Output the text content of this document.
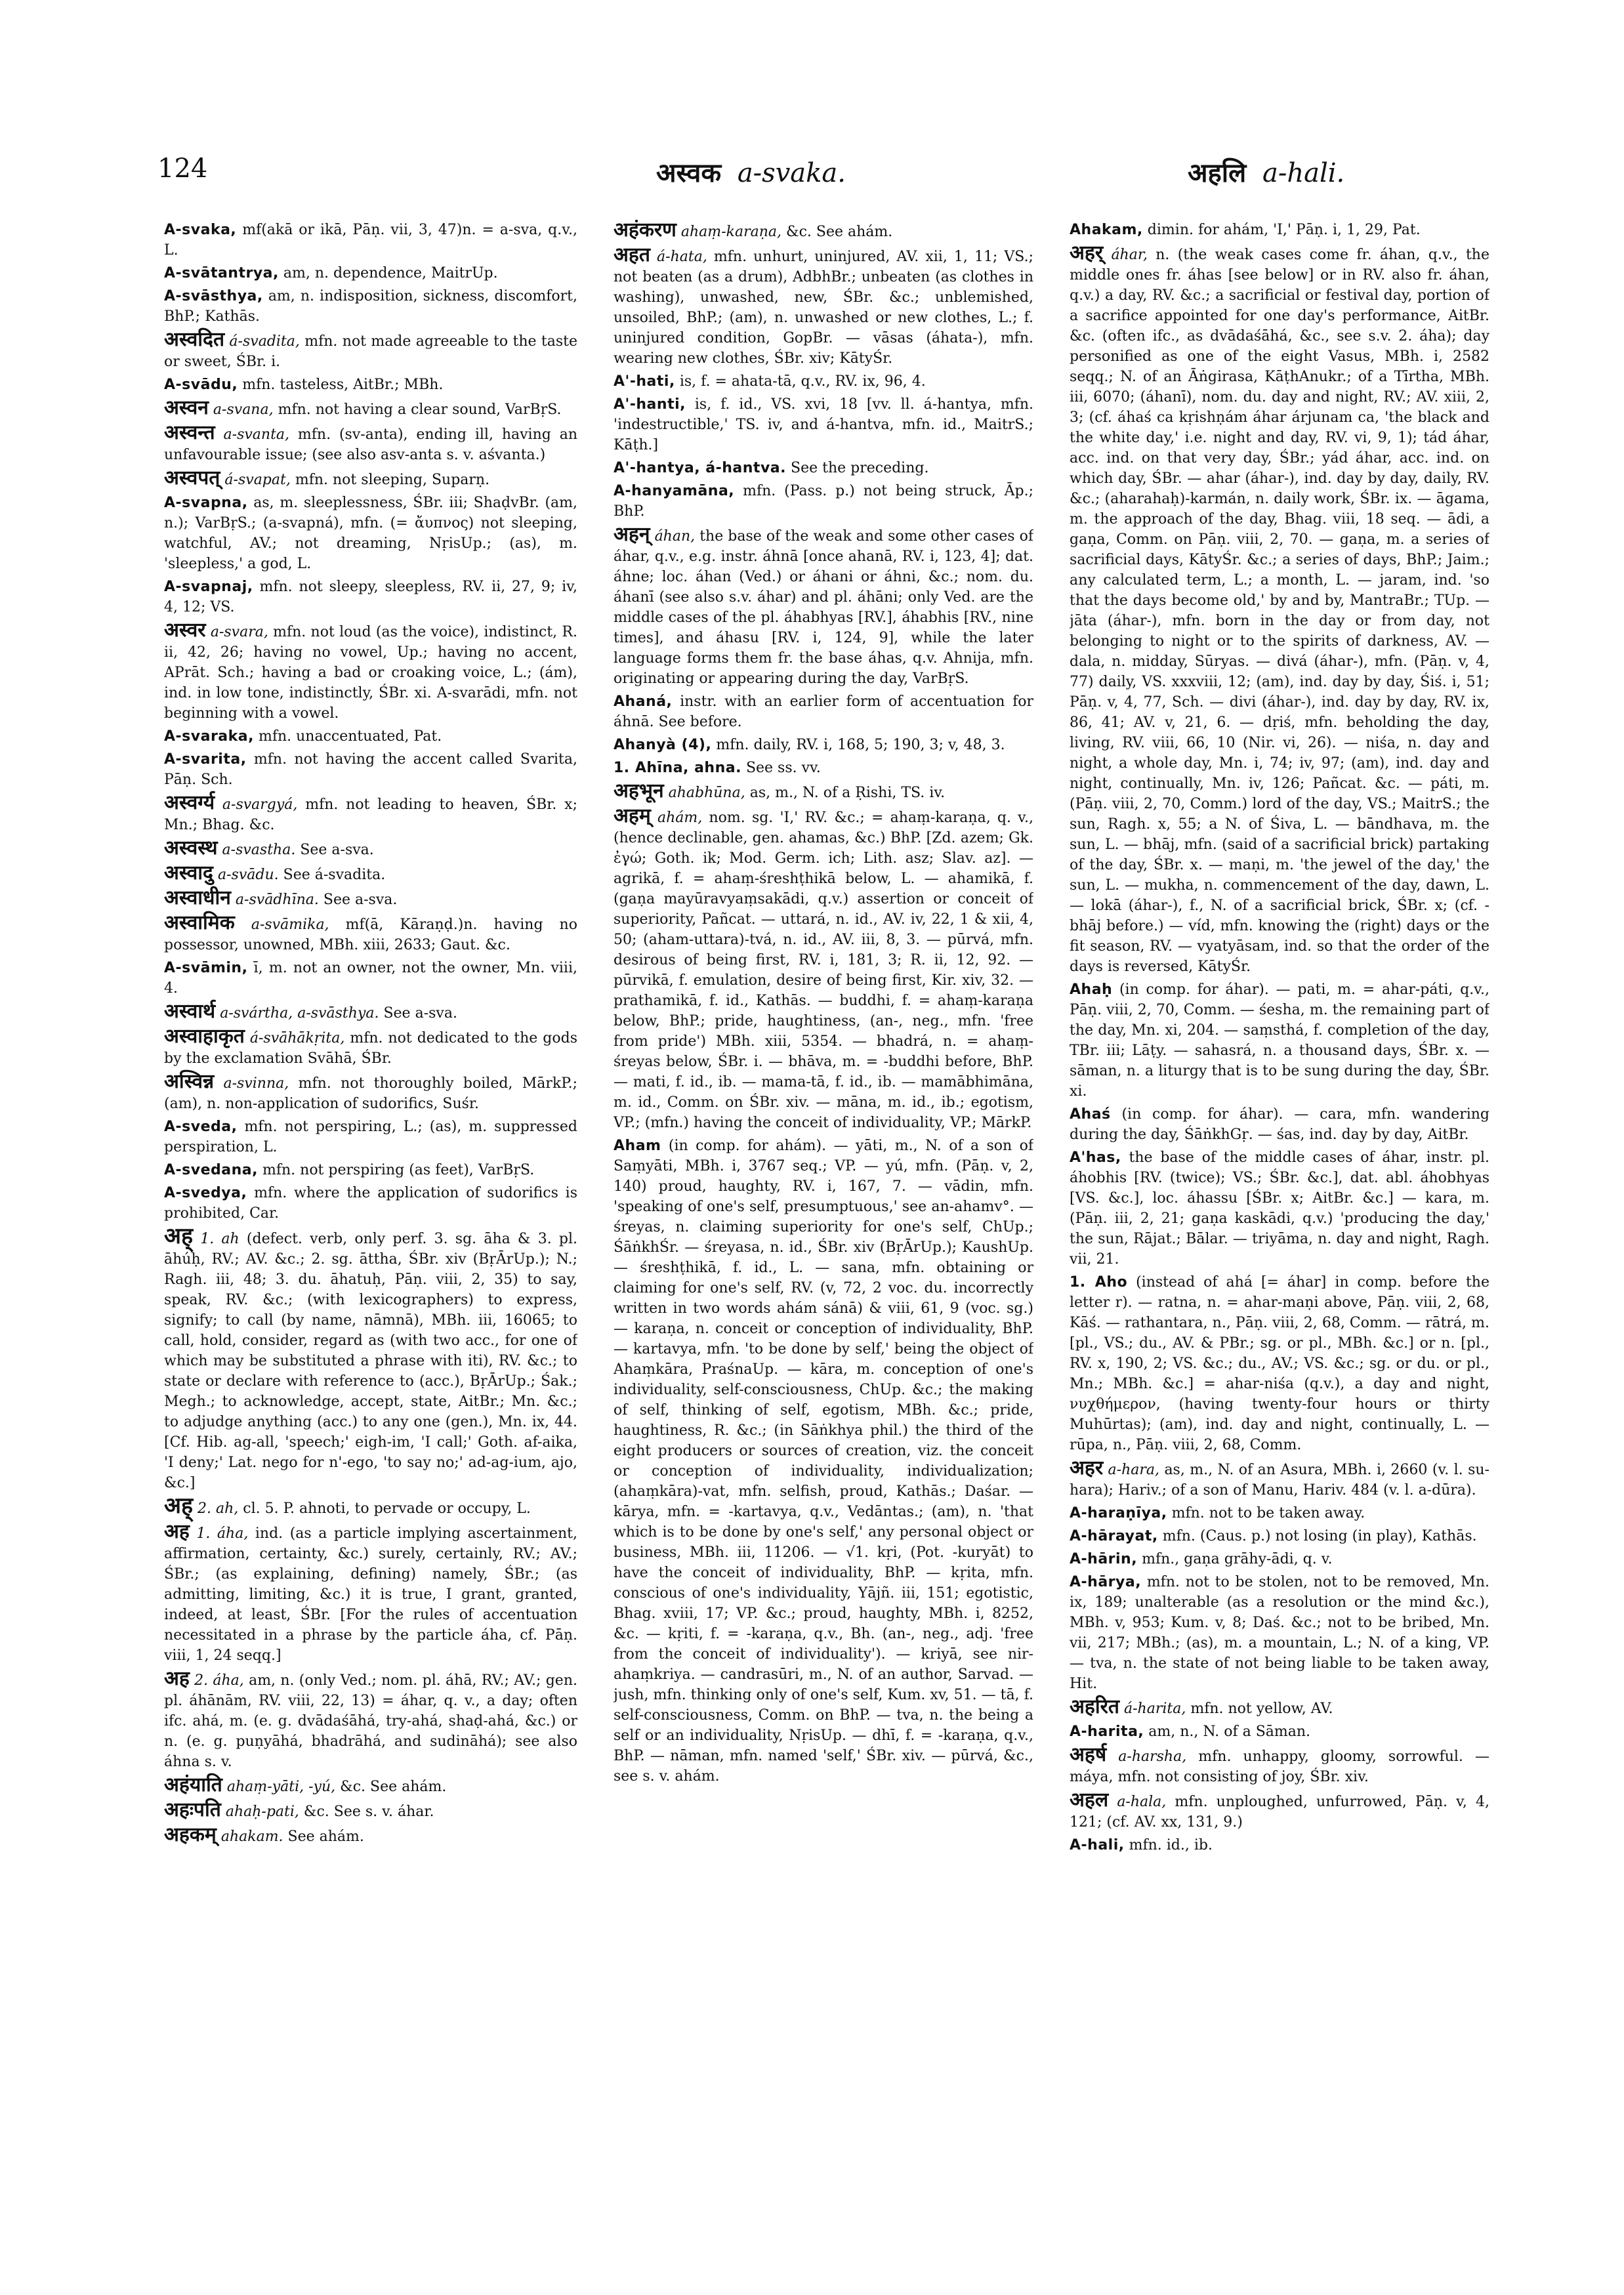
124	अस्वक a-svaka.	अहलि a-hali.

A-svaka, mf(akā or ikā, Pāṇ. vii, 3, 47)n. = a-sva, q.v., L.

A-svātantrya, am, n. dependence, MaitrUp.

A-svāsthya, am, n. indisposition, sickness, discomfort, BhP.; Kathās.

अस्वदित á-svadita, mfn. not made agreeable to the taste or sweet, ŚBr. i.

A-svādu, mfn. tasteless, AitBr.; MBh.

अस्वन a-svana, mfn. not having a clear sound, VarBṛS.

अस्वन्त a-svanta, mfn. (sv-anta), ending ill, having an unfavourable issue; (see also asv-anta s. v. aśvanta.)

अस्वपत् á-svapat, mfn. not sleeping, Suparṇ.

A-svapna, as, m. sleeplessness, ŚBr. iii; ShaḍvBr. (am, n.); VarBṛS.; (a-svapná), mfn. (= ἄυπνος) not sleeping, watchful, AV.; not dreaming, NṛisUp.; (as), m. 'sleepless,' a god, L.

A-svapnaj, mfn. not sleepy, sleepless, RV. ii, 27, 9; iv, 4, 12; VS.

अस्वर a-svara, mfn. not loud (as the voice), indistinct, R. ii, 42, 26; having no vowel, Up.; having no accent, APrāt. Sch.; having a bad or croaking voice, L.; (ám), ind. in low tone, indistinctly, ŚBr. xi. A-svarādi, mfn. not beginning with a vowel.

A-svaraka, mfn. unaccentuated, Pat.

A-svarita, mfn. not having the accent called Svarita, Pāṇ. Sch.

अस्वर्ग्य a-svargyá, mfn. not leading to heaven, ŚBr. x; Mn.; Bhag. &c.

अस्वस्थ a-svastha. See a-sva.

अस्वादु a-svādu. See á-svadita.

अस्वाधीन a-svādhīna. See a-sva.

अस्वामिक a-svāmika, mf(ā, Kāraṇḍ.)n. having no possessor, unowned, MBh. xiii, 2633; Gaut. &c.

A-svāmin, ī, m. not an owner, not the owner, Mn. viii, 4.

अस्वार्थ a-svártha, a-svāsthya. See a-sva.

अस्वाहाकृत á-svāhākṛita, mfn. not dedicated to the gods by the exclamation Svāhā, ŚBr.

अस्विन्न a-svinna, mfn. not thoroughly boiled, MārkP.; (am), n. non-application of sudorifics, Suśr.

A-sveda, mfn. not perspiring, L.; (as), m. suppressed perspiration, L.

A-svedana, mfn. not perspiring (as feet), VarBṛS.

A-svedya, mfn. where the application of sudorifics is prohibited, Car.

अह् 1. ah (defect. verb, only perf. 3. sg. āha & 3. pl. āhúḥ, RV.; AV. &c.; 2. sg. āttha, ŚBr. xiv (BṛĀrUp.); N.; Ragh. iii, 48; 3. du. āhatuḥ, Pāṇ. viii, 2, 35) to say, speak, RV. &c.; (with lexicographers) to express, signify; to call (by name, nāmnā), MBh. iii, 16065; to call, hold, consider, regard as (with two acc., for one of which may be substituted a phrase with iti), RV. &c.; to state or declare with reference to (acc.), BṛĀrUp.; Śak.; Megh.; to acknowledge, accept, state, AitBr.; Mn. &c.; to adjudge anything (acc.) to any one (gen.), Mn. ix, 44. [Cf. Hib. ag-all, 'speech;' eigh-im, 'I call;' Goth. af-aika, 'I deny;' Lat. nego for n'-ego, 'to say no;' ad-ag-ium, ajo, &c.]

अह् 2. ah, cl. 5. P. ahnoti, to pervade or occupy, L.

अह 1. áha, ind. (as a particle implying ascertainment, affirmation, certainty, &c.) surely, certainly, RV.; AV.; ŚBr.; (as explaining, defining) namely, ŚBr.; (as admitting, limiting, &c.) it is true, I grant, granted, indeed, at least, ŚBr. [For the rules of accentuation necessitated in a phrase by the particle áha, cf. Pāṇ. viii, 1, 24 seqq.]

अह 2. áha, am, n. (only Ved.; nom. pl. áhā, RV.; AV.; gen. pl. áhānām, RV. viii, 22, 13) = áhar, q. v., a day; often ifc. ahá, m. (e. g. dvādaśāhá, try-ahá, shaḍ-ahá, &c.) or n. (e. g. puṇyāhá, bhadrāhá, and sudināhá); see also áhna s. v.

अहंयाति ahaṃ-yāti, -yú, &c. See ahám.

अहःपति ahaḥ-pati, &c. See s. v. áhar.

अहकम् ahakam. See ahám.

अहंकरण ahaṃ-karaṇa, &c. See ahám.

अहत á-hata, mfn. unhurt, uninjured, AV. xii, 1, 11; VS.; not beaten (as a drum), AdbhBr.; unbeaten (as clothes in washing), unwashed, new, ŚBr. &c.; unblemished, unsoiled, BhP.; (am), n. unwashed or new clothes, L.; f. uninjured condition, GopBr. — vāsas (áhata-), mfn. wearing new clothes, ŚBr. xiv; KātyŚr.

A'-hati, is, f. = ahata-tā, q.v., RV. ix, 96, 4.

A'-hanti, is, f. id., VS. xvi, 18 [vv. ll. á-hantya, mfn. 'indestructible,' TS. iv, and á-hantva, mfn. id., MaitrS.; Kāṭh.]

A'-hantya, á-hantva. See the preceding.

A-hanyamāna, mfn. (Pass. p.) not being struck, Āp.; BhP.

अहन् áhan, the base of the weak and some other cases of áhar, q.v., e.g. instr. áhnā [once ahanā, RV. i, 123, 4]; dat. áhne; loc. áhan (Ved.) or áhani or áhni, &c.; nom. du. áhanī (see also s.v. áhar) and pl. áhāni; only Ved. are the middle cases of the pl. áhabhyas [RV.], áhabhis [RV., nine times], and áhasu [RV. i, 124, 9], while the later language forms them fr. the base áhas, q.v. Ahnija, mfn. originating or appearing during the day, VarBṛS.

Ahaná, instr. with an earlier form of accentuation for áhnā. See before.

Ahanyà (4), mfn. daily, RV. i, 168, 5; 190, 3; v, 48, 3.

1. Ahīna, ahna. See ss. vv.

अहभून ahabhūna, as, m., N. of a Ṛishi, TS. iv.

अहम् ahám, nom. sg. 'I,' RV. &c.; = ahaṃ-karaṇa, q. v., (hence declinable, gen. ahamas, &c.) BhP. [Zd. azem; Gk. ἐγώ; Goth. ik; Mod. Germ. ich; Lith. asz; Slav. az]. — agrikā, f. = ahaṃ-śreshṭhikā below, L. — ahamikā, f. (gaṇa mayūravyaṃsakādi, q.v.) assertion or conceit of superiority, Pañcat. — uttará, n. id., AV. iv, 22, 1 & xii, 4, 50; (aham-uttara)-tvá, n. id., AV. iii, 8, 3. — pūrvá, mfn. desirous of being first, RV. i, 181, 3; R. ii, 12, 92. — pūrvikā, f. emulation, desire of being first, Kir. xiv, 32. — prathamikā, f. id., Kathās. — buddhi, f. = ahaṃ-karaṇa below, BhP.; pride, haughtiness, (an-, neg., mfn. 'free from pride') MBh. xiii, 5354. — bhadrá, n. = ahaṃ-śreyas below, ŚBr. i. — bhāva, m. = -buddhi before, BhP. — mati, f. id., ib. — mama-tā, f. id., ib. — mamābhimāna, m. id., Comm. on ŚBr. xiv. — māna, m. id., ib.; egotism, VP.; (mfn.) having the conceit of individuality, VP.; MārkP.

Aham (in comp. for ahám). — yāti, m., N. of a son of Saṃyāti, MBh. i, 3767 seq.; VP. — yú, mfn. (Pāṇ. v, 2, 140) proud, haughty, RV. i, 167, 7. — vādin, mfn. 'speaking of one's self, presumptuous,' see an-ahamv°. — śreyas, n. claiming superiority for one's self, ChUp.; ŚāṅkhŚr. — śreyasa, n. id., ŚBr. xiv (BṛĀrUp.); KaushUp. — śreshṭhikā, f. id., L. — sana, mfn. obtaining or claiming for one's self, RV. (v, 72, 2 voc. du. incorrectly written in two words ahám sánā) & viii, 61, 9 (voc. sg.) — karaṇa, n. conceit or conception of individuality, BhP. — kartavya, mfn. 'to be done by self,' being the object of Ahaṃkāra, PraśnaUp. — kāra, m. conception of one's individuality, self-consciousness, ChUp. &c.; the making of self, thinking of self, egotism, MBh. &c.; pride, haughtiness, R. &c.; (in Sāṅkhya phil.) the third of the eight producers or sources of creation, viz. the conceit or conception of individuality, individualization; (ahaṃkāra)-vat, mfn. selfish, proud, Kathās.; Daśar. — kārya, mfn. = -kartavya, q.v., Vedāntas.; (am), n. 'that which is to be done by one's self,' any personal object or business, MBh. iii, 11206. — √1. kṛi, (Pot. -kuryāt) to have the conceit of individuality, BhP. — kṛita, mfn. conscious of one's individuality, Yājñ. iii, 151; egotistic, Bhag. xviii, 17; VP. &c.; proud, haughty, MBh. i, 8252, &c. — kṛiti, f. = -karaṇa, q.v., Bh. (an-, neg., adj. 'free from the conceit of individuality'). — kriyā, see nir-ahaṃkriya. — candrasūri, m., N. of an author, Sarvad. — jush, mfn. thinking only of one's self, Kum. xv, 51. — tā, f. self-consciousness, Comm. on BhP. — tva, n. the being a self or an individuality, NṛisUp. — dhī, f. = -karaṇa, q.v., BhP. — nāman, mfn. named 'self,' ŚBr. xiv. — pūrvá, &c., see s. v. ahám.

Ahakam, dimin. for ahám, 'I,' Pāṇ. i, 1, 29, Pat.

अहर् áhar, n. (the weak cases come fr. áhan, q.v., the middle ones fr. áhas [see below] or in RV. also fr. áhan, q.v.) a day, RV. &c.; a sacrificial or festival day, portion of a sacrifice appointed for one day's performance, AitBr. &c. (often ifc., as dvādaśāhá, &c., see s.v. 2. áha); day personified as one of the eight Vasus, MBh. i, 2582 seqq.; N. of an Āṅgirasa, KāṭhAnukr.; of a Tīrtha, MBh. iii, 6070; (áhanī), nom. du. day and night, RV.; AV. xiii, 2, 3; (cf. áhaś ca kṛishṇám áhar árjunam ca, 'the black and the white day,' i.e. night and day, RV. vi, 9, 1); tád áhar, acc. ind. on that very day, ŚBr.; yád áhar, acc. ind. on which day, ŚBr. — ahar (áhar-), ind. day by day, daily, RV. &c.; (aharahaḥ)-karmán, n. daily work, ŚBr. ix. — āgama, m. the approach of the day, Bhag. viii, 18 seq. — ādi, a gaṇa, Comm. on Pāṇ. viii, 2, 70. — gaṇa, m. a series of sacrificial days, KātyŚr. &c.; a series of days, BhP.; Jaim.; any calculated term, L.; a month, L. — jaram, ind. 'so that the days become old,' by and by, MantraBr.; TUp. — jāta (áhar-), mfn. born in the day or from day, not belonging to night or to the spirits of darkness, AV. — dala, n. midday, Sūryas. — divá (áhar-), mfn. (Pāṇ. v, 4, 77) daily, VS. xxxviii, 12; (am), ind. day by day, Śiś. i, 51; Pāṇ. v, 4, 77, Sch. — divi (áhar-), ind. day by day, RV. ix, 86, 41; AV. v, 21, 6. — dṛiś, mfn. beholding the day, living, RV. viii, 66, 10 (Nir. vi, 26). — niśa, n. day and night, a whole day, Mn. i, 74; iv, 97; (am), ind. day and night, continually, Mn. iv, 126; Pañcat. &c. — páti, m. (Pāṇ. viii, 2, 70, Comm.) lord of the day, VS.; MaitrS.; the sun, Ragh. x, 55; a N. of Śiva, L. — bāndhava, m. the sun, L. — bhāj, mfn. (said of a sacrificial brick) partaking of the day, ŚBr. x. — maṇi, m. 'the jewel of the day,' the sun, L. — mukha, n. commencement of the day, dawn, L. — lokā (áhar-), f., N. of a sacrificial brick, ŚBr. x; (cf. -bhāj before.) — víd, mfn. knowing the (right) days or the fit season, RV. — vyatyāsam, ind. so that the order of the days is reversed, KātyŚr.

Ahaḥ (in comp. for áhar). — pati, m. = ahar-páti, q.v., Pāṇ. viii, 2, 70, Comm. — śesha, m. the remaining part of the day, Mn. xi, 204. — saṃsthá, f. completion of the day, TBr. iii; Lāṭy. — sahasrá, n. a thousand days, ŚBr. x. — sāman, n. a liturgy that is to be sung during the day, ŚBr. xi.

Ahaś (in comp. for áhar). — cara, mfn. wandering during the day, ŚāṅkhGṛ. — śas, ind. day by day, AitBr.

A'has, the base of the middle cases of áhar, instr. pl. áhobhis [RV. (twice); VS.; ŚBr. &c.], dat. abl. áhobhyas [VS. &c.], loc. áhassu [ŚBr. x; AitBr. &c.] — kara, m. (Pāṇ. iii, 2, 21; gaṇa kaskādi, q.v.) 'producing the day,' the sun, Rājat.; Bālar. — triyāma, n. day and night, Ragh. vii, 21.

1. Aho (instead of ahá [= áhar] in comp. before the letter r). — ratna, n. = ahar-maṇi above, Pāṇ. viii, 2, 68, Kāś. — rathantara, n., Pāṇ. viii, 2, 68, Comm. — rātrá, m. [pl., VS.; du., AV. & PBr.; sg. or pl., MBh. &c.] or n. [pl., RV. x, 190, 2; VS. &c.; du., AV.; VS. &c.; sg. or du. or pl., Mn.; MBh. &c.] = ahar-niśa (q.v.), a day and night, νυχθήμερον, (having twenty-four hours or thirty Muhūrtas); (am), ind. day and night, continually, L. — rūpa, n., Pāṇ. viii, 2, 68, Comm.

अहर a-hara, as, m., N. of an Asura, MBh. i, 2660 (v. l. su-hara); Hariv.; of a son of Manu, Hariv. 484 (v. l. a-dūra).

A-haraṇīya, mfn. not to be taken away.

A-hārayat, mfn. (Caus. p.) not losing (in play), Kathās.

A-hārin, mfn., gaṇa grāhy-ādi, q. v.

A-hārya, mfn. not to be stolen, not to be removed, Mn. ix, 189; unalterable (as a resolution or the mind &c.), MBh. v, 953; Kum. v, 8; Daś. &c.; not to be bribed, Mn. vii, 217; MBh.; (as), m. a mountain, L.; N. of a king, VP. — tva, n. the state of not being liable to be taken away, Hit.

अहरित á-harita, mfn. not yellow, AV.

A-harita, am, n., N. of a Sāman.

अहर्ष a-harsha, mfn. unhappy, gloomy, sorrowful. — máya, mfn. not consisting of joy, ŚBr. xiv.

अहल a-hala, mfn. unploughed, unfurrowed, Pāṇ. v, 4, 121; (cf. AV. xx, 131, 9.)

A-hali, mfn. id., ib.
